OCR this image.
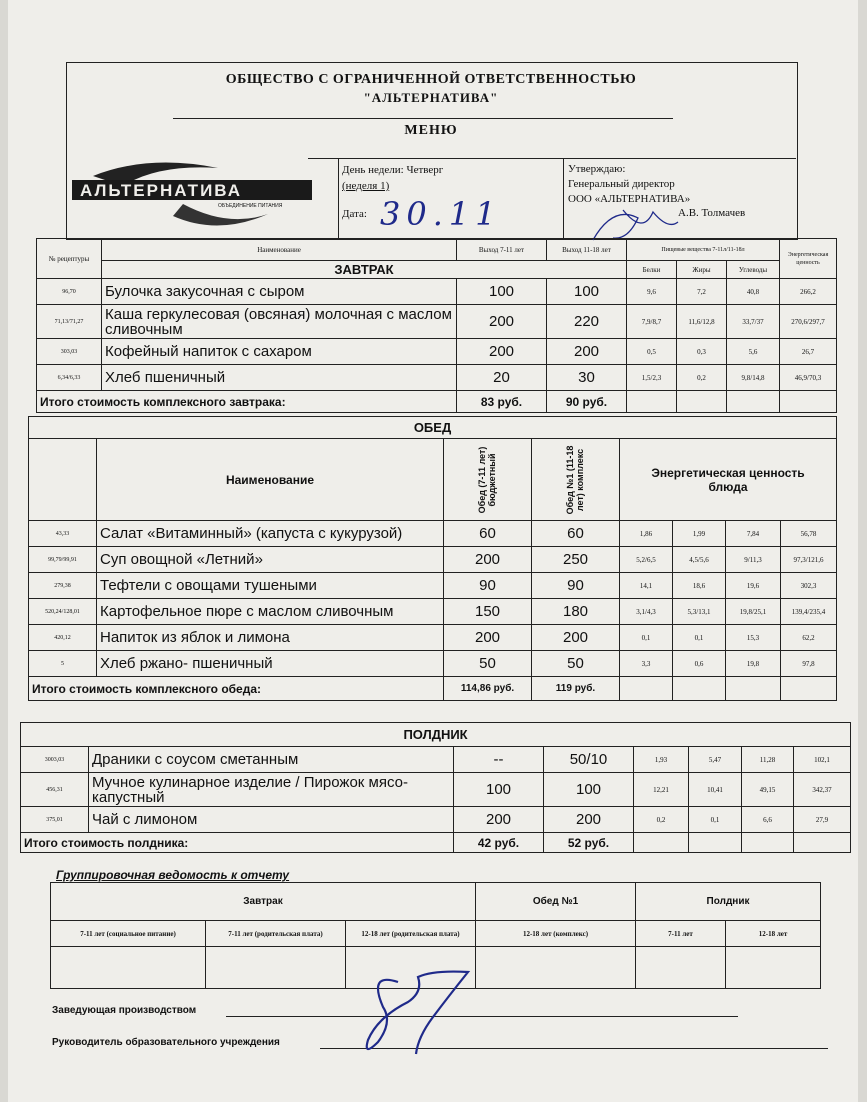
ОБЩЕСТВО С ОГРАНИЧЕННОЙ ОТВЕТСТВЕННОСТЬЮ
"АЛЬТЕРНАТИВА"
МЕНЮ
АЛЬТЕРНАТИВА
ОБЪЕДИНЕНИЕ ПИТАНИЯ
День недели: Четверг
(неделя 1)
Дата: 30.11
Утверждаю:
Генеральный директор
ООО «АЛЬТЕРНАТИВА»
А.В. Толмачев
№ рецептуры	Наименование	Выход 7-11 лет	Выход 11-18 лет	Пищевые вещества 7-11л/11-18л			Энергетическая ценность
	ЗАВТРАК			Белки	Жиры	Углеводы	
96,70	Булочка закусочная с сыром	100	100	9,6	7,2	40,8	266,2
71,13/71,27	Каша геркулесовая (овсяная) молочная с маслом сливочным	200	220	7,9/8,7	11,6/12,8	33,7/37	270,6/297,7
303,03	Кофейный напиток с сахаром	200	200	0,5	0,3	5,6	26,7
6,34/6,33	Хлеб пшеничный	20	30	1,5/2,3	0,2	9,8/14,8	46,9/70,3
Итого стоимость комплексного завтрака:		83 руб.	90 руб.				
ОБЕД							
	Наименование	Обед (7-11 лет) бюджетный	Обед №1 (11-18 лет) комплекс	Энергетическая ценность блюда			
43,33	Салат «Витаминный» (капуста с кукурузой)	60	60	1,86	1,99	7,84	56,78
99,79/99,91	Суп овощной «Летний»	200	250	5,2/6,5	4,5/5,6	9/11,3	97,3/121,6
279,38	Тефтели с овощами тушеными	90	90	14,1	18,6	19,6	302,3
520,24/128,01	Картофельное пюре с маслом сливочным	150	180	3,1/4,3	5,3/13,1	19,8/25,1	139,4/235,4
420,12	Напиток из яблок и лимона	200	200	0,1	0,1	15,3	62,2
5	Хлеб ржано- пшеничный	50	50	3,3	0,6	19,8	97,8
Итого стоимость комплексного обеда:		114,86 руб.	119 руб.				
ПОЛДНИК							
3003,03	Драники с соусом сметанным	--	50/10	1,93	5,47	11,28	102,1
456,31	Мучное кулинарное изделие / Пирожок мясо-капустный	100	100	12,21	10,41	49,15	342,37
375,01	Чай с лимоном	200	200	0,2	0,1	6,6	27,9
Итого стоимость полдника:		42 руб.	52 руб.				
Группировочная ведомость к отчету
Завтрак			Обед №1	Полдник	
7-11 лет (социальное питание)	7-11 лет (родительская плата)	12-18 лет (родительская плата)	12-18 лет (комплекс)	7-11 лет	12-18 лет

Заведующая производством
Руководитель образовательного учреждения
